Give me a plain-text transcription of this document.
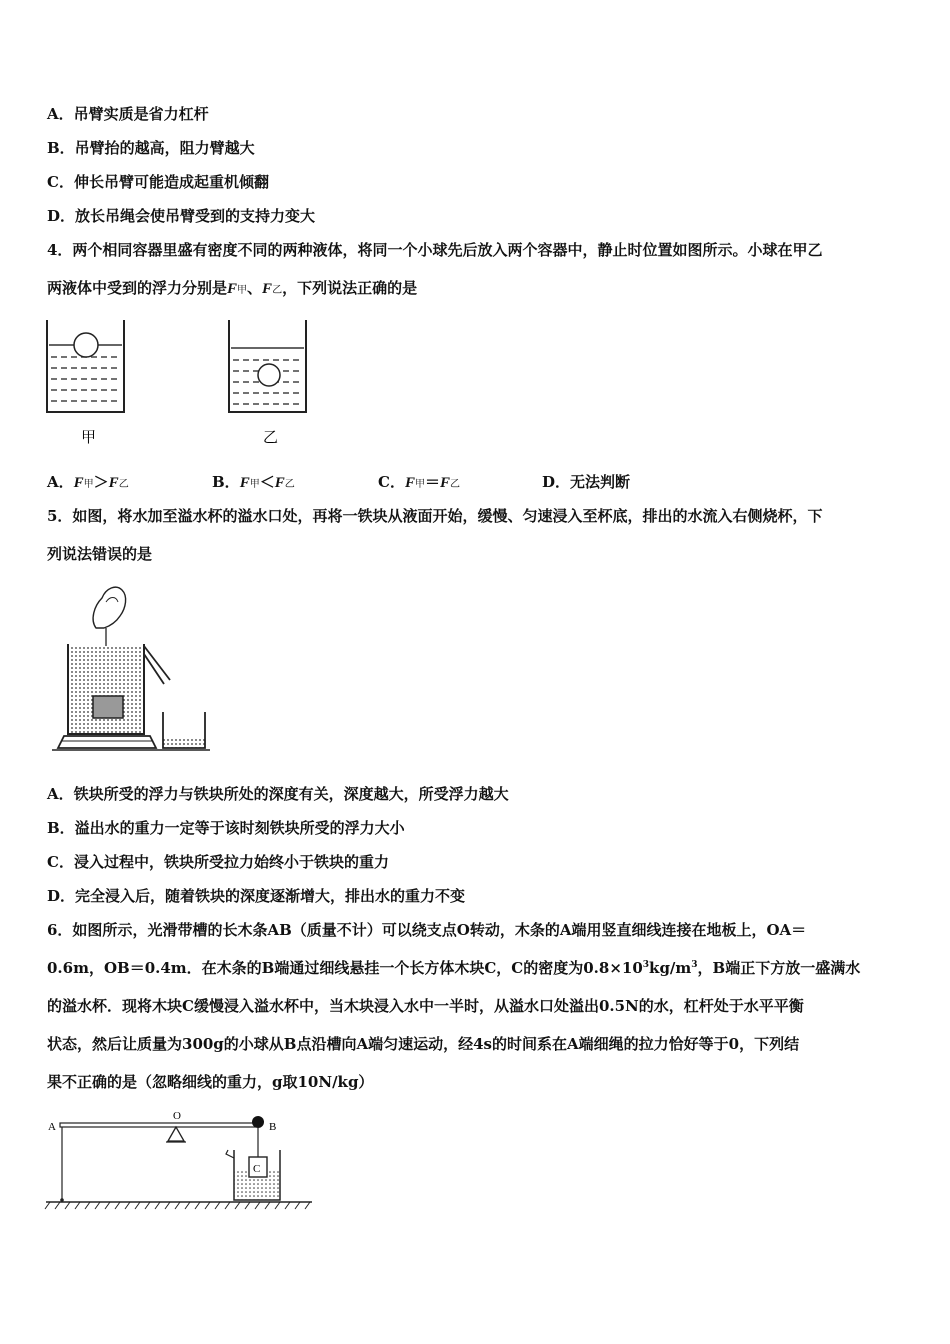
A．吊臂实质是省力杠杆
B．吊臂抬的越高，阻力臂越大
C．伸长吊臂可能造成起重机倾翻
D．放长吊绳会使吊臂受到的支持力变大
4．两个相同容器里盛有密度不同的两种液体，将同一个小球先后放入两个容器中，静止时位置如图所示。小球在甲乙
两液体中受到的浮力分别是F甲、F乙，下列说法正确的是
甲	乙
A．F甲＞F乙	B．F甲＜F乙	C．F甲＝F乙	D．无法判断
5．如图，将水加至溢水杯的溢水口处，再将一铁块从液面开始，缓慢、匀速浸入至杯底，排出的水流入右侧烧杯，下
列说法错误的是
A．铁块所受的浮力与铁块所处的深度有关，深度越大，所受浮力越大
B．溢出水的重力一定等于该时刻铁块所受的浮力大小
C．浸入过程中，铁块所受拉力始终小于铁块的重力
D．完全浸入后，随着铁块的深度逐渐增大，排出水的重力不变
6．如图所示，光滑带槽的长木条AB（质量不计）可以绕支点O转动，木条的A端用竖直细线连接在地板上，OA＝
0.6m，OB＝0.4m．在木条的B端通过细线悬挂一个长方体木块C，C的密度为$0.8\times 10^3kg/m^3$，B端正下方放一盛满水
的溢水杯．现将木块C缓慢浸入溢水杯中，当木块浸入水中一半时，从溢水口处溢出0.5N的水，杠杆处于水平平衡
状态，然后让质量为300g的小球从B点沿槽向A端匀速运动，经4s的时间系在A端细绳的拉力恰好等于0，下列结
果不正确的是（忽略细线的重力，g取10N/kg）
A
O
B
C
